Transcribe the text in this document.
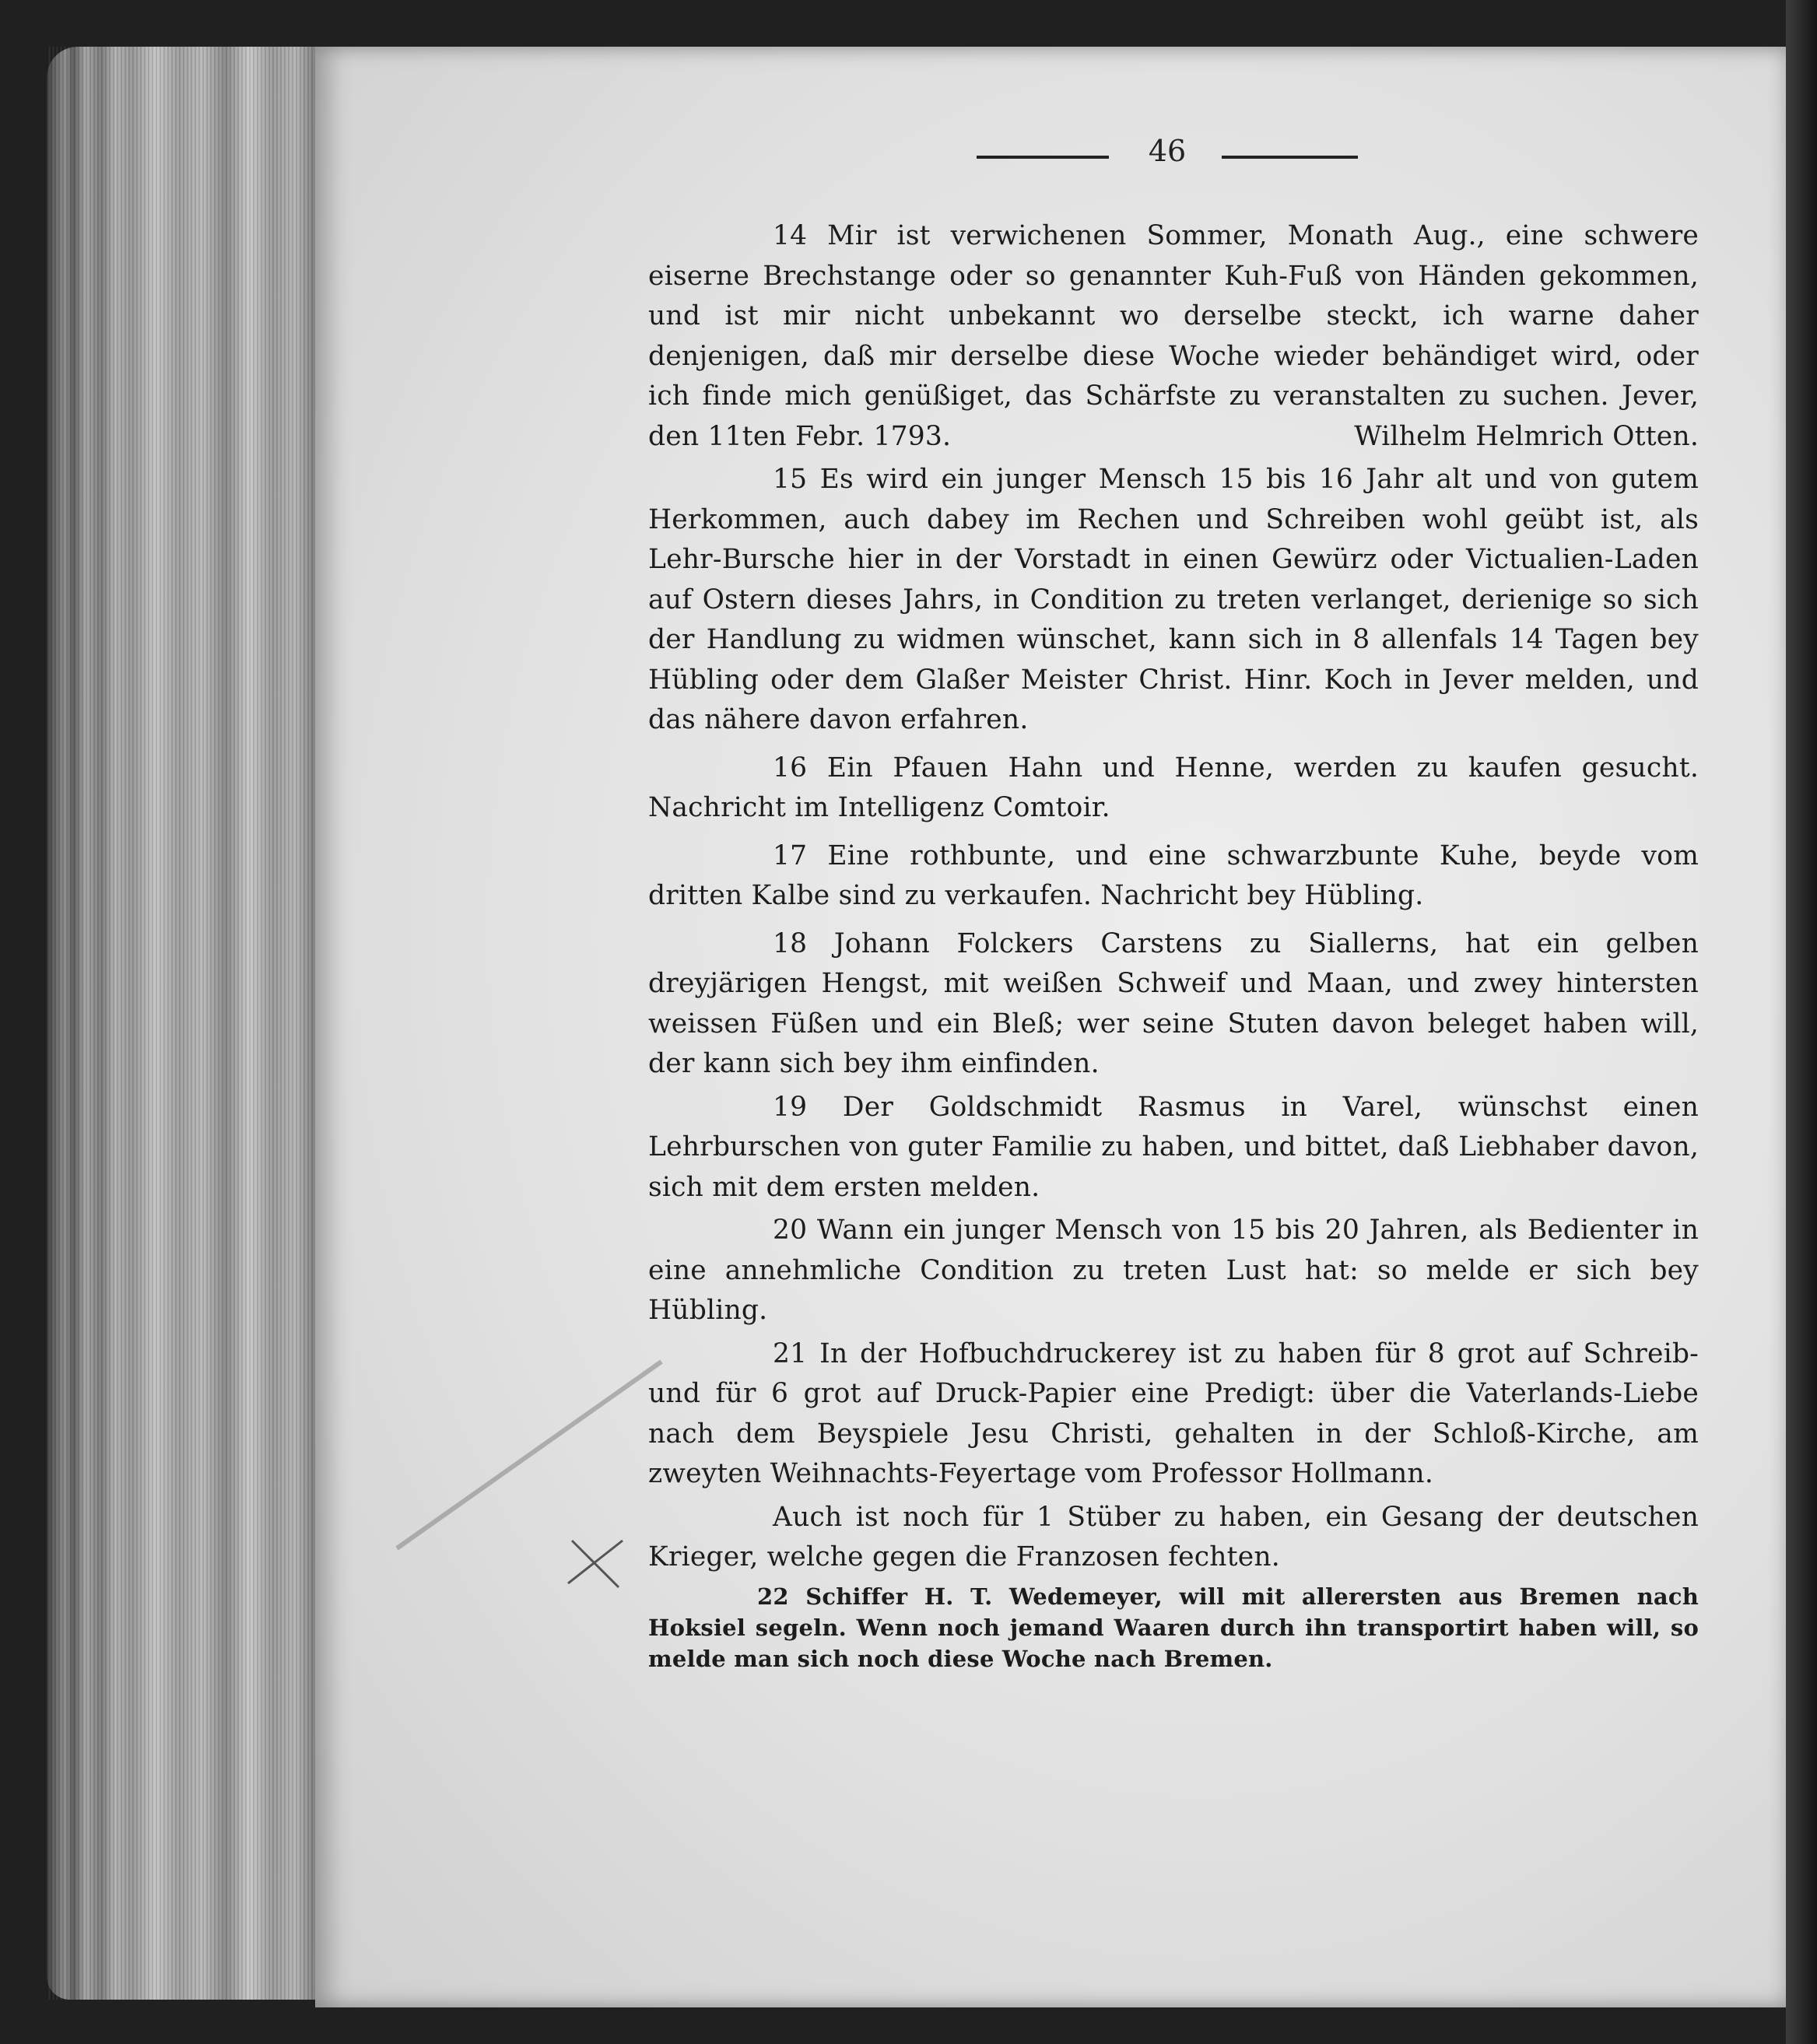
46

14 Mir ist verwichenen Sommer, Monath Aug., eine schwere eiserne Brechstange oder so genannter Kuh-Fuß von Händen gekommen, und ist mir nicht unbekannt wo derselbe steckt, ich warne daher denjenigen, daß mir derselbe diese Woche wieder behändiget wird, oder ich finde mich genüßiget, das Schärfste zu veranstalten zu suchen. Jever, den 11ten Febr. 1793.	Wilhelm Helmrich Otten.

15 Es wird ein junger Mensch 15 bis 16 Jahr alt und von gutem Herkommen, auch dabey im Rechen und Schreiben wohl geübt ist, als Lehr-Bursche hier in der Vorstadt in einen Gewürz oder Victualien-Laden auf Ostern dieses Jahrs, in Condition zu treten verlanget, derienige so sich der Handlung zu widmen wünschet, kann sich in 8 allenfals 14 Tagen bey Hübling oder dem Glaßer Meister Christ. Hinr. Koch in Jever melden, und das nähere davon erfahren.

16 Ein Pfauen Hahn und Henne, werden zu kaufen gesucht. Nachricht im Intelligenz Comtoir.

17 Eine rothbunte, und eine schwarzbunte Kuhe, beyde vom dritten Kalbe sind zu verkaufen. Nachricht bey Hübling.

18 Johann Folckers Carstens zu Siallerns, hat ein gelben dreyjärigen Hengst, mit weißen Schweif und Maan, und zwey hintersten weissen Füßen und ein Bleß; wer seine Stuten davon beleget haben will, der kann sich bey ihm einfinden.

19 Der Goldschmidt Rasmus in Varel, wünschst einen Lehrburschen von guter Familie zu haben, und bittet, daß Liebhaber davon, sich mit dem ersten melden.

20 Wann ein junger Mensch von 15 bis 20 Jahren, als Bedienter in eine annehmliche Condition zu treten Lust hat: so melde er sich bey Hübling.

21 In der Hofbuchdruckerey ist zu haben für 8 grot auf Schreib- und für 6 grot auf Druck-Papier eine Predigt: über die Vaterlands-Liebe nach dem Beyspiele Jesu Christi, gehalten in der Schloß-Kirche, am zweyten Weihnachts-Feyertage vom Professor Hollmann.

Auch ist noch für 1 Stüber zu haben, ein Gesang der deutschen Krieger, welche gegen die Franzosen fechten.

22 Schiffer H. T. Wedemeyer, will mit allerersten aus Bremen nach Hoksiel segeln. Wenn noch jemand Waaren durch ihn transportirt haben will, so melde man sich noch diese Woche nach Bremen.
